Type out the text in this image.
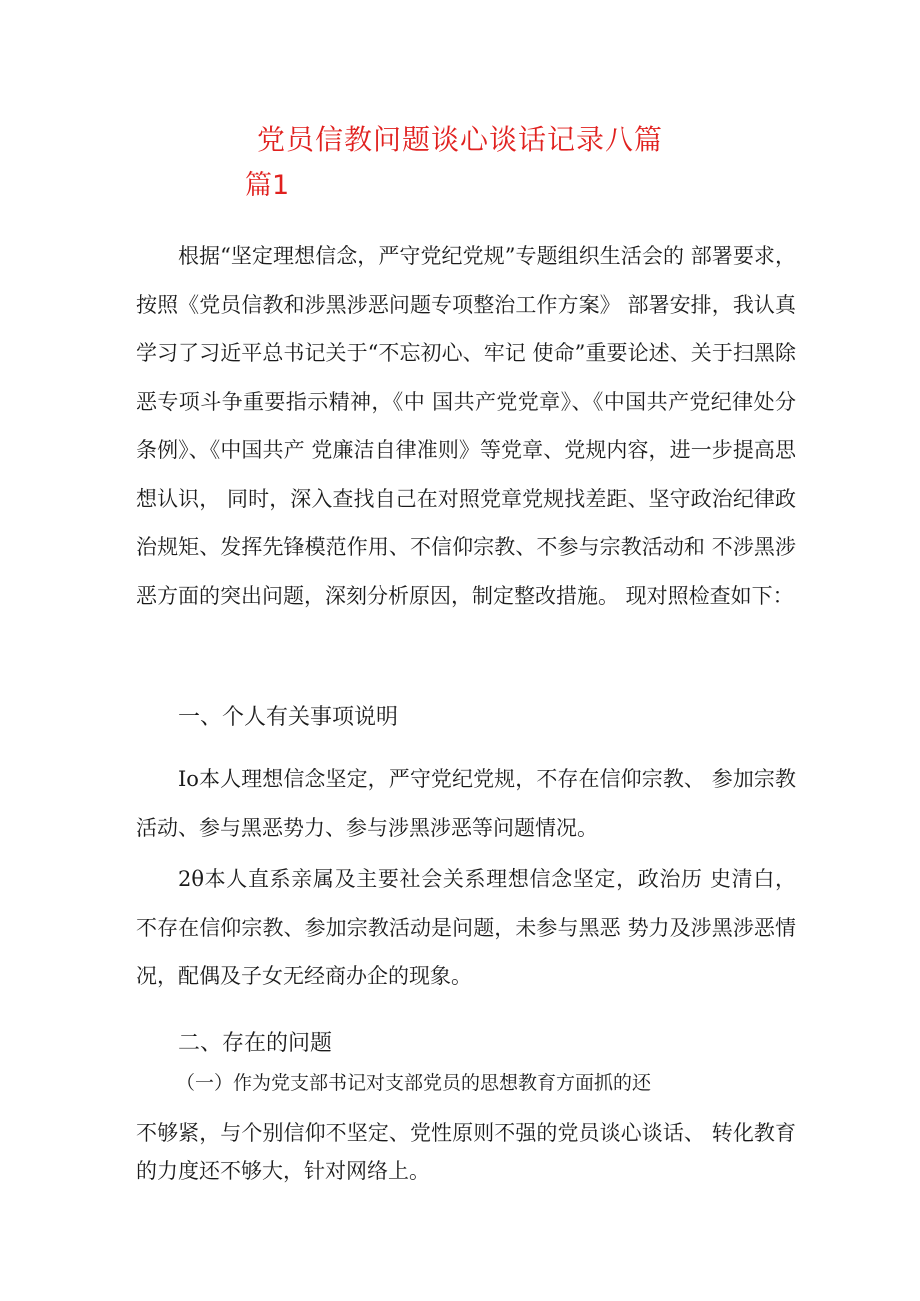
党员信教问题谈心谈话记录八篇
篇1

根据“坚定理想信念，严守党纪党规”专题组织生活会的 部署要求，按照《党员信教和涉黑涉恶问题专项整治工作方案》 部署安排，我认真学习了习近平总书记关于“不忘初心、牢记 使命”重要论述、关于扫黑除恶专项斗争重要指示精神，《中 国共产党党章》、《中国共产党纪律处分条例》、《中国共产 党廉洁自律准则》等党章、党规内容，进一步提高思想认识， 同时，深入查找自己在对照党章党规找差距、坚守政治纪律政 治规矩、发挥先锋模范作用、不信仰宗教、不参与宗教活动和 不涉黑涉恶方面的突出问题，深刻分析原因，制定整改措施。 现对照检查如下：

一、个人有关事项说明

Io本人理想信念坚定，严守党纪党规，不存在信仰宗教、 参加宗教活动、参与黑恶势力、参与涉黑涉恶等问题情况。

2θ本人直系亲属及主要社会关系理想信念坚定，政治历 史清白，不存在信仰宗教、参加宗教活动是问题，未参与黑恶 势力及涉黑涉恶情况，配偶及子女无经商办企的现象。

二、存在的问题
（一）作为党支部书记对支部党员的思想教育方面抓的还

不够紧，与个别信仰不坚定、党性原则不强的党员谈心谈话、 转化教育的力度还不够大，针对网络上。
